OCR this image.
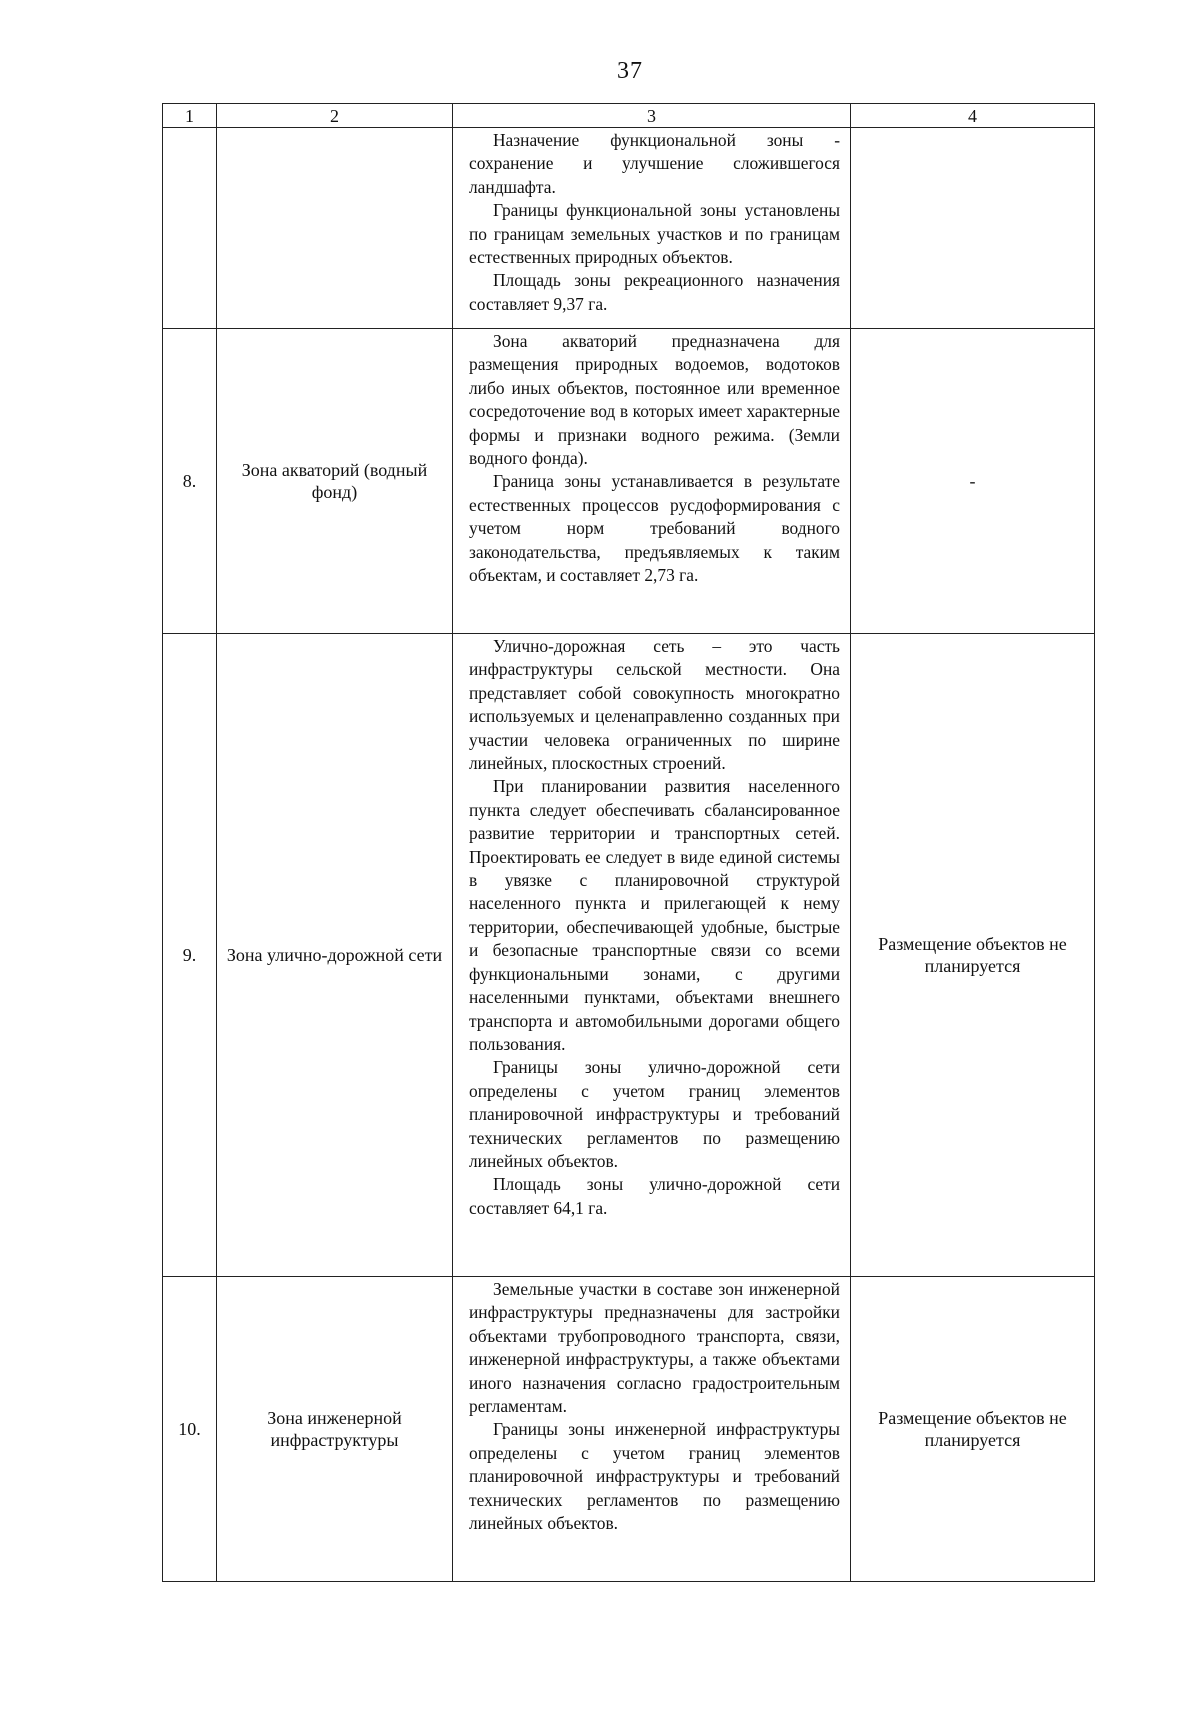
37
1	2	3	4

		Назначение функциональной зоны - сохранение и улучшение сложившегося ландшафта.

Границы функциональной зоны установлены по границам земельных участков и по границам естественных природных объектов.

Площадь зоны рекреационного назначения составляет 9,37 га.	

8.	Зона акваторий (водный фонд)	Зона акваторий предназначена для размещения природных водоемов, водотоков либо иных объектов, постоянное или временное сосредоточение вод в которых имеет характерные формы и признаки водного режима. (Земли водного фонда).

Граница зоны устанавливается в результате естественных процессов русдоформирования с учетом норм требований водного законодательства, предъявляемых к таким объектам, и составляет 2,73 га.	-
9.	Зона улично-дорожной сети	Улично-дорожная сеть – это часть инфраструктуры сельской местности. Она представляет собой совокупность многократно используемых и целенаправленно созданных при участии человека ограниченных по ширине линейных, плоскостных строений.

При планировании развития населенного пункта следует обеспечивать сбалансированное развитие территории и транспортных сетей. Проектировать ее следует в виде единой системы в увязке с планировочной структурой населенного пункта и прилегающей к нему территории, обеспечивающей удобные, быстрые и безопасные транспортные связи со всеми функциональными зонами, с другими населенными пунктами, объектами внешнего транспорта и автомобильными дорогами общего пользования.

Границы зоны улично-дорожной сети определены с учетом границ элементов планировочной инфраструктуры и требований технических регламентов по размещению линейных объектов.

Площадь зоны улично-дорожной сети составляет 64,1 га.	Размещение объектов не планируется
10.	Зона инженерной инфраструктуры	Земельные участки в составе зон инженерной инфраструктуры предназначены для застройки объектами трубопроводного транспорта, связи, инженерной инфраструктуры, а также объектами иного назначения согласно градостроительным регламентам.

Границы зоны инженерной инфраструктуры определены с учетом границ элементов планировочной инфраструктуры и требований технических регламентов по размещению линейных объектов.	Размещение объектов не планируется
